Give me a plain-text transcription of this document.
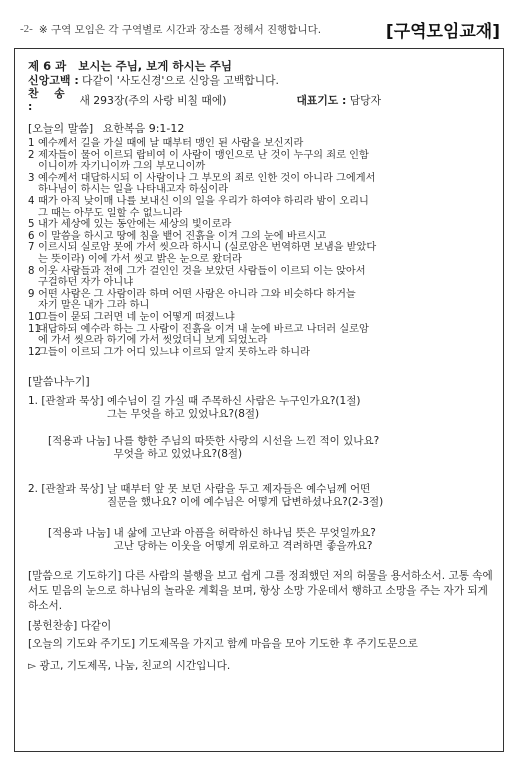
-2- ※ 구역 모임은 각 구역별로 시간과 장소를 정해서 진행합니다.	[구역모임교재]
제 6 과 보시는 주님, 보게 하시는 주님
신앙고백 :
다같이 '사도신경'으로 신앙을 고백합니다.
찬 송 :
	새 293장(주의 사랑 비칠 때에)	대표기도 : 담당자
[오늘의 말씀] 요한복음 9:1-12
1 예수께서 길을 가실 때에 날 때부터 맹인 된 사람을 보신지라
2 제자들이 물어 이르되 랍비여 이 사람이 맹인으로 난 것이 누구의 죄로 인함
이니이까 자기니이까 그의 부모니이까
3 예수께서 대답하시되 이 사람이나 그 부모의 죄로 인한 것이 아니라 그에게서
하나님이 하시는 일을 나타내고자 하심이라
4 때가 아직 낮이매 나를 보내신 이의 일을 우리가 하여야 하리라 밤이 오리니
그 때는 아무도 일할 수 없느니라
5 내가 세상에 있는 동안에는 세상의 빛이로라
6 이 말씀을 하시고 땅에 침을 뱉어 진흙을 이겨 그의 눈에 바르시고
7 이르시되 실로암 못에 가서 씻으라 하시니 (실로암은 번역하면 보냄을 받았다
는 뜻이라) 이에 가서 씻고 밝은 눈으로 왔더라
8 이웃 사람들과 전에 그가 걸인인 것을 보았던 사람들이 이르되 이는 앉아서
구걸하던 자가 아니냐
9 어떤 사람은 그 사람이라 하며 어떤 사람은 아니라 그와 비슷하다 하거늘
자기 말은 내가 그라 하니
10
그들이 묻되 그러면 네 눈이 어떻게 떠졌느냐
11
대답하되 예수라 하는 그 사람이 진흙을 이겨 내 눈에 바르고 나더러 실로암
에 가서 씻으라 하기에 가서 씻었더니 보게 되었노라
12
그들이 이르되 그가 어디 있느냐 이르되 알지 못하노라 하니라
[말씀나누기]
1. [관찰과 묵상] 예수님이 길 가실 때 주목하신 사람은 누구인가요?(1절)
그는 무엇을 하고 있었나요?(8절)
[적용과 나눔] 나를 향한 주님의 따뜻한 사랑의 시선을 느낀 적이 있나요?
무엇을 하고 있었나요?(8절)
2. [관찰과 묵상] 날 때부터 앞 못 보던 사람을 두고 제자들은 예수님께 어떤
질문을 했나요? 이에 예수님은 어떻게 답변하셨나요?(2-3절)
[적용과 나눔] 내 삶에 고난과 아픔을 허락하신 하나님 뜻은 무엇일까요?
고난 당하는 이웃을 어떻게 위로하고 격려하면 좋을까요?
[말씀으로 기도하기] 다른 사람의 불행을 보고 쉽게 그를 정죄했던 저의 허물을 용서하소서. 고통 속에서도 믿음의 눈으로 하나님의 놀라운 계획을 보며, 항상 소망 가운데서 행하고 소망을 주는 자가 되게 하소서.
[봉헌찬송] 다같이
[오늘의 기도와 주기도] 기도제목을 가지고 함께 마음을 모아 기도한 후 주기도문으로
▻ 광고, 기도제목, 나눔, 친교의 시간입니다.
